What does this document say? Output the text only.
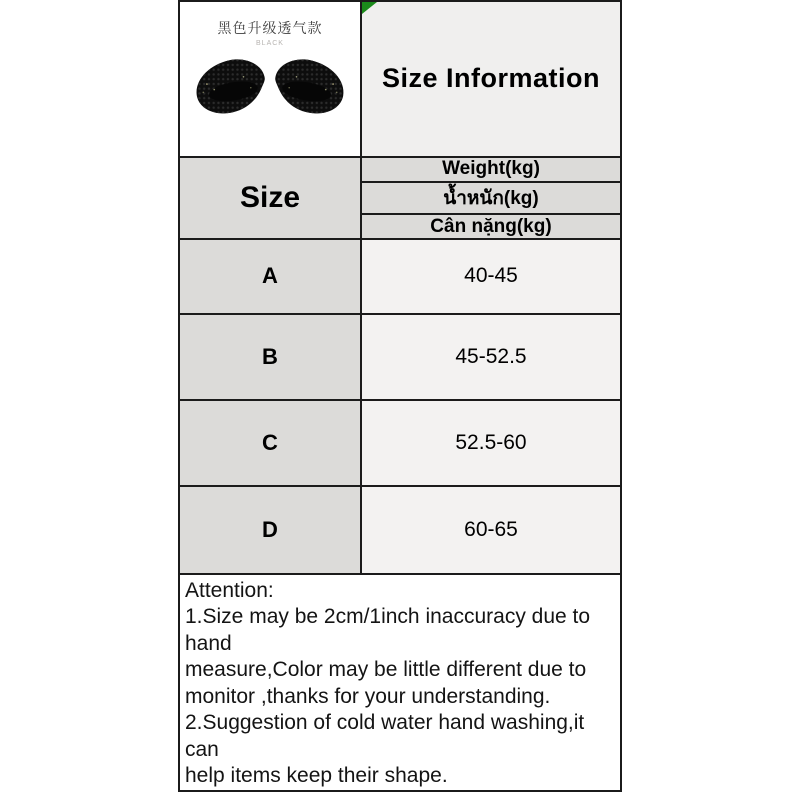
黑色升级透气款
BLACK
Size Information
Size
Weight(kg)
น้ำหนัก(kg)
Cân nặng(kg)
A	40-45
B	45-52.5
C	52.5-60
D	60-65
Attention:
1.Size may be 2cm/1inch inaccuracy due to hand
measure,Color may be little different due to
monitor ,thanks for your understanding.
2.Suggestion of cold water hand washing,it can
help items keep their shape.
